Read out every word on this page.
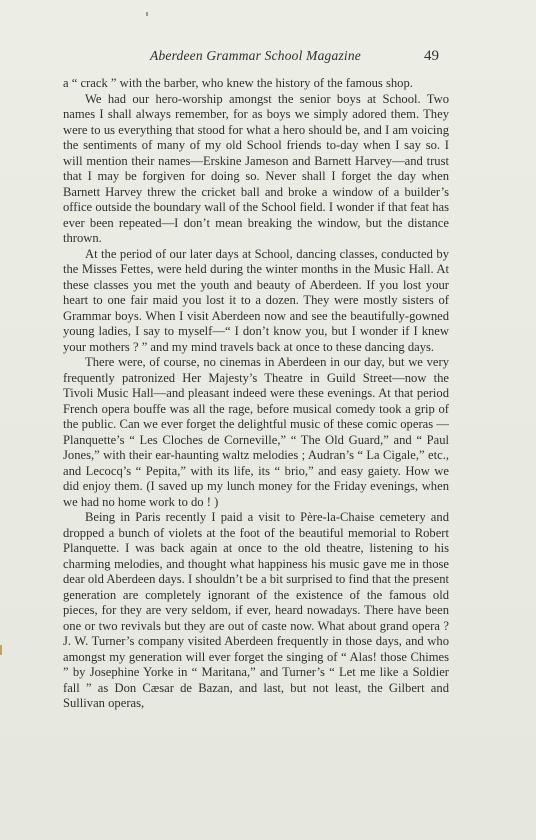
Aberdeen Grammar School Magazine	49

a “ crack ” with the barber, who knew the history of the famous shop.

We had our hero-worship amongst the senior boys at School. Two names I shall always remember, for as boys we simply adored them. They were to us everything that stood for what a hero should be, and I am voicing the sentiments of many of my old School friends to-day when I say so. I will mention their names—Erskine Jameson and Barnett Harvey—and trust that I may be forgiven for doing so. Never shall I forget the day when Barnett Harvey threw the cricket ball and broke a window of a builder’s office outside the boundary wall of the School field. I wonder if that feat has ever been repeated—I don’t mean breaking the window, but the distance thrown.

At the period of our later days at School, dancing classes, conducted by the Misses Fettes, were held during the winter months in the Music Hall. At these classes you met the youth and beauty of Aberdeen. If you lost your heart to one fair maid you lost it to a dozen. They were mostly sisters of Grammar boys. When I visit Aberdeen now and see the beautifully-gowned young ladies, I say to myself—“ I don’t know you, but I wonder if I knew your mothers ? ” and my mind travels back at once to these dancing days.

There were, of course, no cinemas in Aberdeen in our day, but we very frequently patronized Her Majesty’s Theatre in Guild Street—now the Tivoli Music Hall—and pleasant indeed were these evenings. At that period French opera bouffe was all the rage, before musical comedy took a grip of the public. Can we ever forget the delightful music of these comic operas —Planquette’s “ Les Cloches de Corneville,” “ The Old Guard,” and “ Paul Jones,” with their ear-haunting waltz melodies ; Audran’s “ La Cigale,” etc., and Lecocq’s “ Pepita,” with its life, its “ brio,” and easy gaiety. How we did enjoy them. (I saved up my lunch money for the Friday evenings, when we had no home work to do ! )

Being in Paris recently I paid a visit to Père-la-Chaise cemetery and dropped a bunch of violets at the foot of the beautiful memorial to Robert Planquette. I was back again at once to the old theatre, listening to his charming melodies, and thought what happiness his music gave me in those dear old Aberdeen days. I shouldn’t be a bit surprised to find that the present generation are completely ignorant of the existence of the famous old pieces, for they are very seldom, if ever, heard nowadays. There have been one or two revivals but they are out of caste now. What about grand opera ? J. W. Turner’s company visited Aberdeen frequently in those days, and who amongst my generation will ever forget the singing of “ Alas! those Chimes ” by Josephine Yorke in “ Maritana,” and Turner’s “ Let me like a Soldier fall ” as Don Cæsar de Bazan, and last, but not least, the Gilbert and Sullivan operas,
